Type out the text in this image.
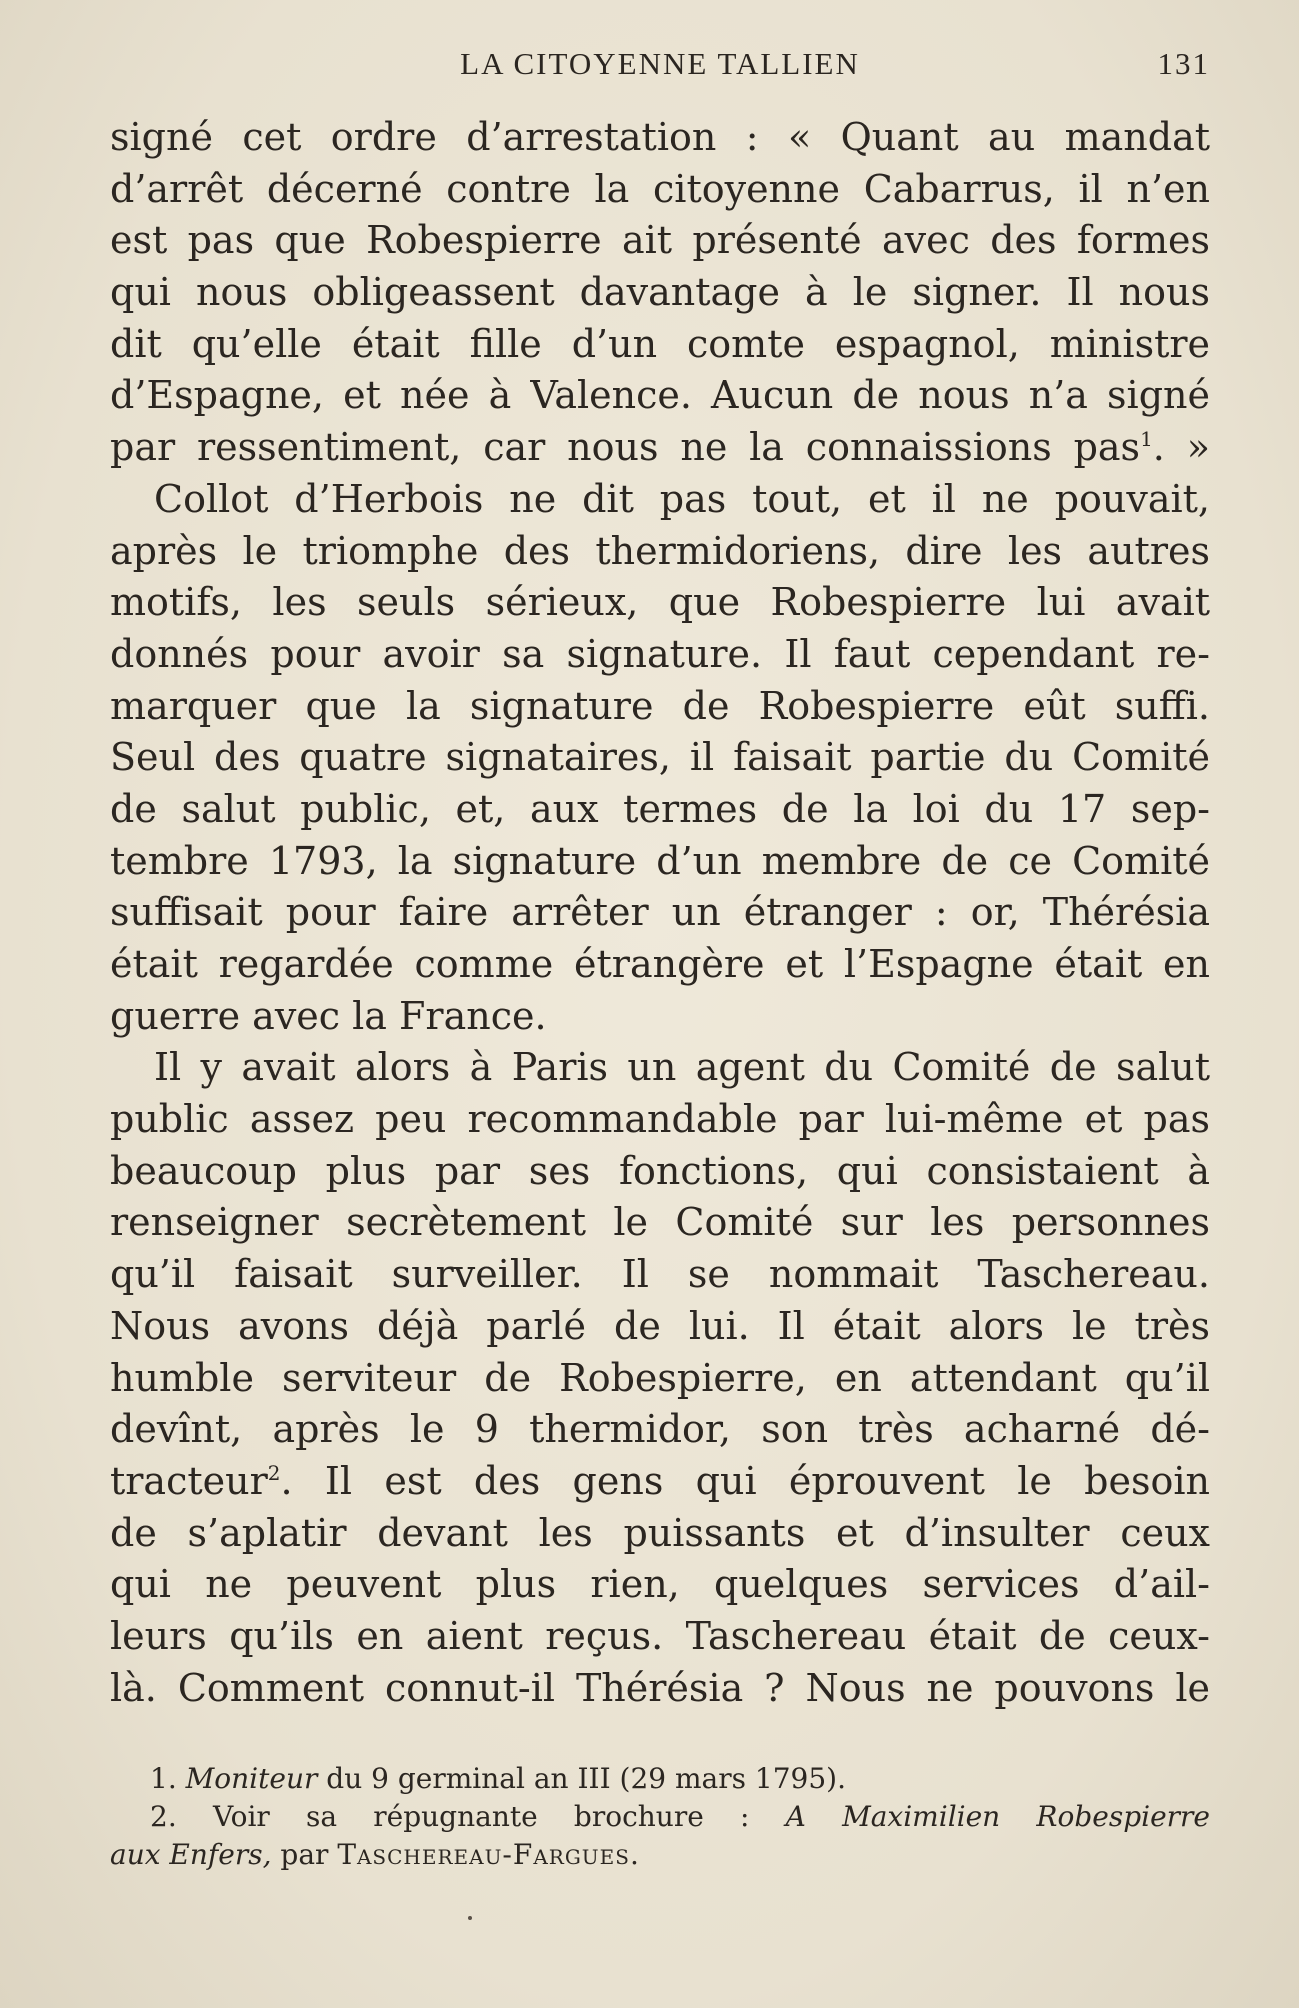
LA CITOYENNE TALLIEN	131
signé cet ordre d’arrestation : « Quant au mandat
d’arrêt décerné contre la citoyenne Cabarrus, il n’en
est pas que Robespierre ait présenté avec des formes
qui nous obligeassent davantage à le signer. Il nous
dit qu’elle était fille d’un comte espagnol, ministre
d’Espagne, et née à Valence. Aucun de nous n’a signé
par ressentiment, car nous ne la connaissions pas$^1$. »
Collot d’Herbois ne dit pas tout, et il ne pouvait,
après le triomphe des thermidoriens, dire les autres
motifs, les seuls sérieux, que Robespierre lui avait
donnés pour avoir sa signature. Il faut cependant re-
marquer que la signature de Robespierre eût suffi.
Seul des quatre signataires, il faisait partie du Comité
de salut public, et, aux termes de la loi du 17 sep-
tembre 1793, la signature d’un membre de ce Comité
suffisait pour faire arrêter un étranger : or, Thérésia
était regardée comme étrangère et l’Espagne était en
guerre avec la France.
Il y avait alors à Paris un agent du Comité de salut
public assez peu recommandable par lui-même et pas
beaucoup plus par ses fonctions, qui consistaient à
renseigner secrètement le Comité sur les personnes
qu’il faisait surveiller. Il se nommait Taschereau.
Nous avons déjà parlé de lui. Il était alors le très
humble serviteur de Robespierre, en attendant qu’il
devînt, après le 9 thermidor, son très acharné dé-
tracteur$^2$. Il est des gens qui éprouvent le besoin
de s’aplatir devant les puissants et d’insulter ceux
qui ne peuvent plus rien, quelques services d’ail-
leurs qu’ils en aient reçus. Taschereau était de ceux-
là. Comment connut-il Thérésia ? Nous ne pouvons le
1. Moniteur du 9 germinal an III (29 mars 1795).
2. Voir sa répugnante brochure : A Maximilien Robespierre
aux Enfers, par Taschereau-Fargues.
